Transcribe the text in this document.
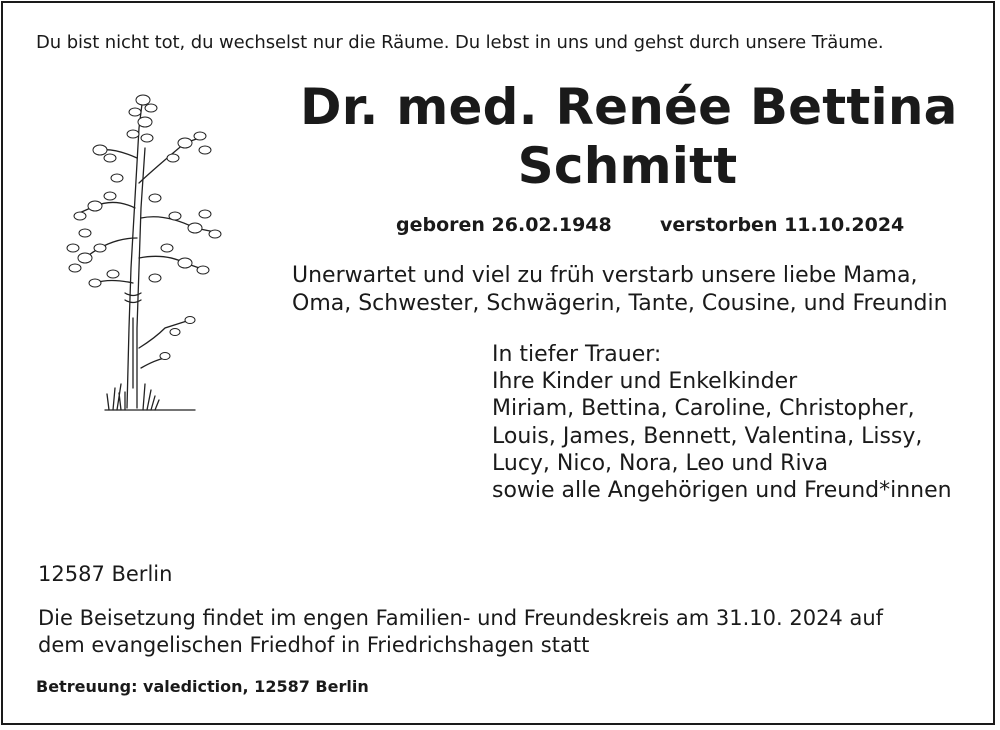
Du bist nicht tot, du wechselst nur die Räume. Du lebst in uns und gehst durch unsere Träume.
Dr. med. Renée Bettina
Schmitt
geboren 26.02.1948	verstorben 11.10.2024
Unerwartet und viel zu früh verstarb unsere liebe Mama,
Oma, Schwester, Schwägerin, Tante, Cousine, und Freundin
In tiefer Trauer:
Ihre Kinder und Enkelkinder
Miriam, Bettina, Caroline, Christopher,
Louis, James, Bennett, Valentina, Lissy,
Lucy, Nico, Nora, Leo und Riva
sowie alle Angehörigen und Freund*innen
12587 Berlin
Die Beisetzung findet im engen Familien- und Freundeskreis am 31.10. 2024 auf
dem evangelischen Friedhof in Friedrichshagen statt
Betreuung: valediction, 12587 Berlin
